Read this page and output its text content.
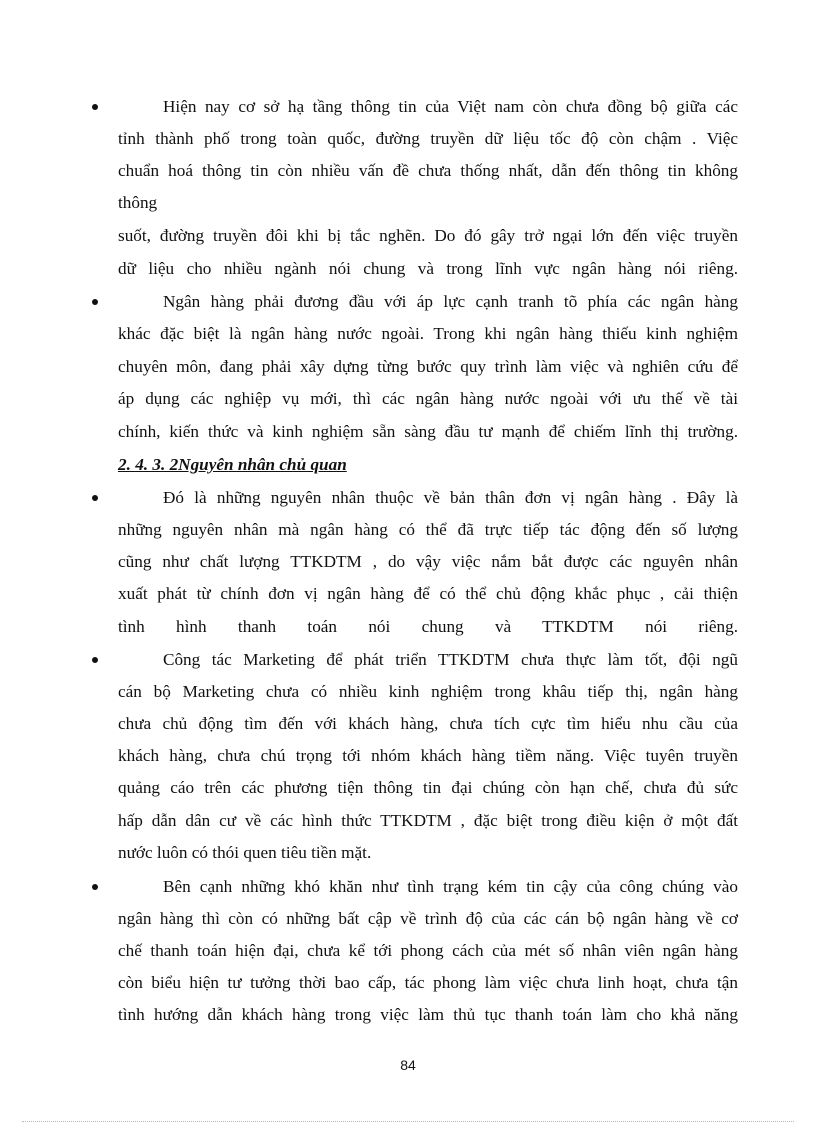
Hiện nay cơ sở hạ tầng thông tin của Việt nam còn chưa đồng bộ giữa các
tỉnh thành phố trong toàn quốc, đường truyền dữ liệu tốc độ còn chậm . Việc
chuẩn hoá thông tin còn nhiều vấn đề chưa thống nhất, dẫn đến thông tin không
thông
suốt, đường truyền đôi khi bị tắc nghẽn. Do đó gây trở ngại lớn đến việc truyền
dữ liệu cho nhiều ngành nói chung và trong lĩnh vực ngân hàng nói riêng.
Ngân hàng phải đương đầu với áp lực cạnh tranh tõ phía các ngân hàng
khác đặc biệt là ngân hàng nước ngoài. Trong khi ngân hàng thiếu kinh nghiệm
chuyên môn, đang phải xây dựng từng bước quy trình làm việc và nghiên cứu để
áp dụng các nghiệp vụ mới, thì các ngân hàng nước ngoài với ưu thế về tài
chính, kiến thức và kinh nghiệm sẵn sàng đầu tư mạnh để chiếm lĩnh thị trường.
2. 4. 3. 2Nguyên nhân chủ quan
Đó là những nguyên nhân thuộc về bản thân đơn vị ngân hàng . Đây là
những nguyên nhân mà ngân hàng có thể đã trực tiếp tác động đến số lượng
cũng như chất lượng TTKDTM , do vậy việc nắm bắt được các nguyên nhân
xuất phát từ chính đơn vị ngân hàng để có thể chủ động khắc phục , cải thiện
tình hình thanh toán nói chung và TTKDTM nói riêng.
Công tác Marketing để phát triển TTKDTM chưa thực làm tốt, đội ngũ
cán bộ Marketing chưa có nhiều kinh nghiệm trong khâu tiếp thị, ngân hàng
chưa chủ động tìm đến với khách hàng, chưa tích cực tìm hiểu nhu cầu của
khách hàng, chưa chú trọng tới nhóm khách hàng tiềm năng. Việc tuyên truyền
quảng cáo trên các phương tiện thông tin đại chúng còn hạn chế, chưa đủ sức
hấp dẫn dân cư về các hình thức TTKDTM , đặc biệt trong điều kiện ở một đất
nước luôn có thói quen tiêu tiền mặt.
Bên cạnh những khó khăn như tình trạng kém tin cậy của công chúng vào
ngân hàng thì còn có những bất cập về trình độ của các cán bộ ngân hàng về cơ
chế thanh toán hiện đại, chưa kể tới phong cách của mét số nhân viên ngân hàng
còn biểu hiện tư tưởng thời bao cấp, tác phong làm việc chưa linh hoạt, chưa tận
tình hướng dẫn khách hàng trong việc làm thủ tục thanh toán làm cho khả năng
84
